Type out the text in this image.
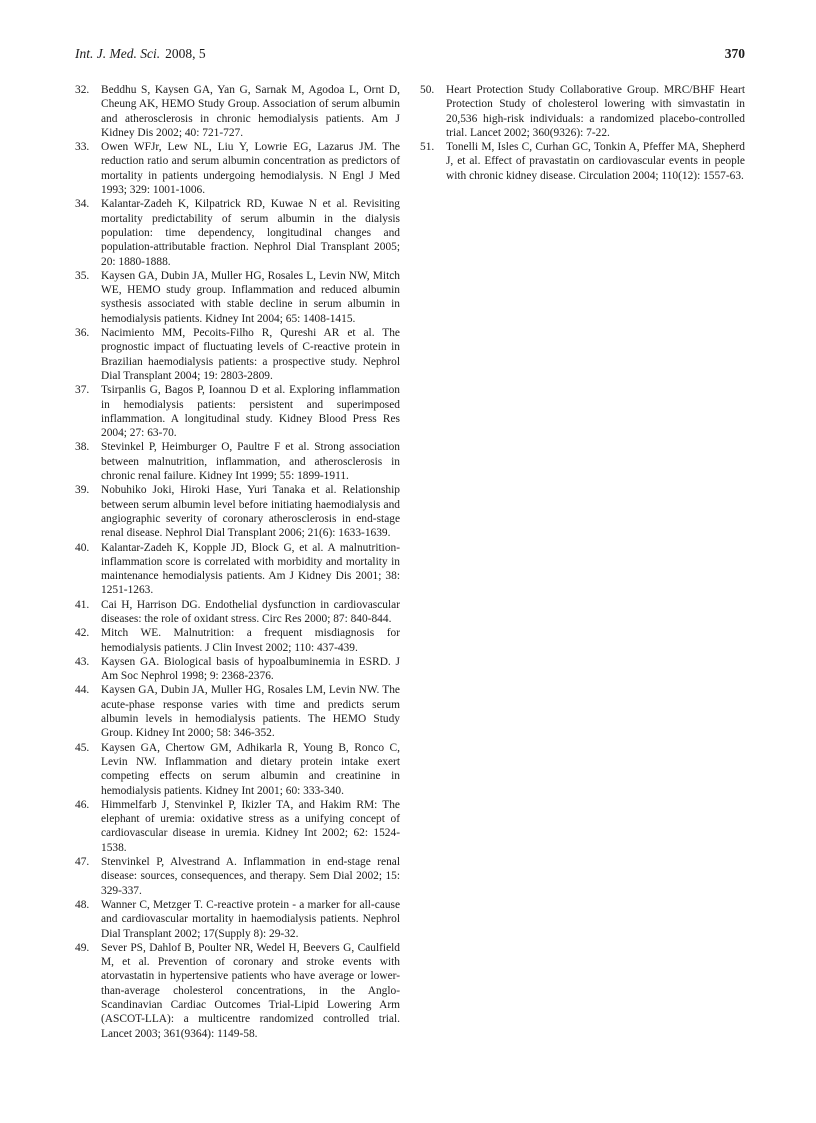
Int. J. Med. Sci. 2008, 5	370
32.	Beddhu S, Kaysen GA, Yan G, Sarnak M, Agodoa L, Ornt D, Cheung AK, HEMO Study Group. Association of serum albumin and atherosclerosis in chronic hemodialysis patients. Am J Kidney Dis 2002; 40: 721-727.
33.	Owen WFJr, Lew NL, Liu Y, Lowrie EG, Lazarus JM. The reduction ratio and serum albumin concentration as predictors of mortality in patients undergoing hemodialysis. N Engl J Med 1993; 329: 1001-1006.
34.	Kalantar-Zadeh K, Kilpatrick RD, Kuwae N et al. Revisiting mortality predictability of serum albumin in the dialysis population: time dependency, longitudinal changes and population-attributable fraction. Nephrol Dial Transplant 2005; 20: 1880-1888.
35.	Kaysen GA, Dubin JA, Muller HG, Rosales L, Levin NW, Mitch WE, HEMO study group. Inflammation and reduced albumin systhesis associated with stable decline in serum albumin in hemodialysis patients. Kidney Int 2004; 65: 1408-1415.
36.	Nacimiento MM, Pecoits-Filho R, Qureshi AR et al. The prognostic impact of fluctuating levels of C-reactive protein in Brazilian haemodialysis patients: a prospective study. Nephrol Dial Transplant 2004; 19: 2803-2809.
37.	Tsirpanlis G, Bagos P, Ioannou D et al. Exploring inflammation in hemodialysis patients: persistent and superimposed inflammation. A longitudinal study. Kidney Blood Press Res 2004; 27: 63-70.
38.	Stevinkel P, Heimburger O, Paultre F et al. Strong association between malnutrition, inflammation, and atherosclerosis in chronic renal failure. Kidney Int 1999; 55: 1899-1911.
39.	Nobuhiko Joki, Hiroki Hase, Yuri Tanaka et al. Relationship between serum albumin level before initiating haemodialysis and angiographic severity of coronary atherosclerosis in end-stage renal disease. Nephrol Dial Transplant 2006; 21(6): 1633-1639.
40.	Kalantar-Zadeh K, Kopple JD, Block G, et al. A malnutrition-inflammation score is correlated with morbidity and mortality in maintenance hemodialysis patients. Am J Kidney Dis 2001; 38: 1251-1263.
41.	Cai H, Harrison DG. Endothelial dysfunction in cardiovascular diseases: the role of oxidant stress. Circ Res 2000; 87: 840-844.
42.	Mitch WE. Malnutrition: a frequent misdiagnosis for hemodialysis patients. J Clin Invest 2002; 110: 437-439.
43.	Kaysen GA. Biological basis of hypoalbuminemia in ESRD. J Am Soc Nephrol 1998; 9: 2368-2376.
44.	Kaysen GA, Dubin JA, Muller HG, Rosales LM, Levin NW. The acute-phase response varies with time and predicts serum albumin levels in hemodialysis patients. The HEMO Study Group. Kidney Int 2000; 58: 346-352.
45.	Kaysen GA, Chertow GM, Adhikarla R, Young B, Ronco C, Levin NW. Inflammation and dietary protein intake exert competing effects on serum albumin and creatinine in hemodialysis patients. Kidney Int 2001; 60: 333-340.
46.	Himmelfarb J, Stenvinkel P, Ikizler TA, and Hakim RM: The elephant of uremia: oxidative stress as a unifying concept of cardiovascular disease in uremia. Kidney Int 2002; 62: 1524-1538.
47.	Stenvinkel P, Alvestrand A. Inflammation in end-stage renal disease: sources, consequences, and therapy. Sem Dial 2002; 15: 329-337.
48.	Wanner C, Metzger T. C-reactive protein - a marker for all-cause and cardiovascular mortality in haemodialysis patients. Nephrol Dial Transplant 2002; 17(Supply 8): 29-32.
49.	Sever PS, Dahlof B, Poulter NR, Wedel H, Beevers G, Caulfield M, et al. Prevention of coronary and stroke events with atorvastatin in hypertensive patients who have average or lower-than-average cholesterol concentrations, in the Anglo-Scandinavian Cardiac Outcomes Trial-Lipid Lowering Arm (ASCOT-LLA): a multicentre randomized controlled trial. Lancet 2003; 361(9364): 1149-58.
50.	Heart Protection Study Collaborative Group. MRC/BHF Heart Protection Study of cholesterol lowering with simvastatin in 20,536 high-risk individuals: a randomized placebo-controlled trial. Lancet 2002; 360(9326): 7-22.
51.	Tonelli M, Isles C, Curhan GC, Tonkin A, Pfeffer MA, Shepherd J, et al. Effect of pravastatin on cardiovascular events in people with chronic kidney disease. Circulation 2004; 110(12): 1557-63.
